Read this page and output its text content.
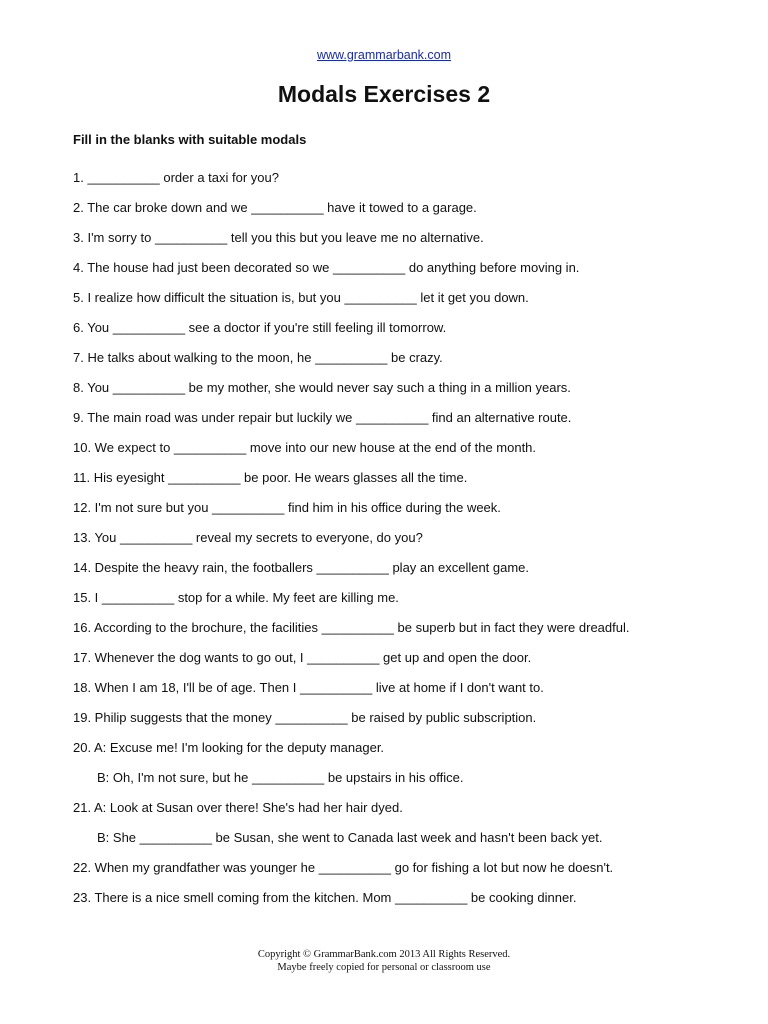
www.grammarbank.com
Modals Exercises 2

Fill in the blanks with suitable modals

1. __________ order a taxi for you?
2. The car broke down and we __________ have it towed to a garage.
3. I'm sorry to __________ tell you this but you leave me no alternative.
4. The house had just been decorated so we __________ do anything before moving in.
5. I realize how difficult the situation is, but you __________ let it get you down.
6. You __________ see a doctor if you're still feeling ill tomorrow.
7. He talks about walking to the moon, he __________ be crazy.
8. You __________ be my mother, she would never say such a thing in a million years.
9. The main road was under repair but luckily we __________ find an alternative route.
10. We expect to __________ move into our new house at the end of the month.
11. His eyesight __________ be poor. He wears glasses all the time.
12. I'm not sure but you __________ find him in his office during the week.
13. You __________ reveal my secrets to everyone, do you?
14. Despite the heavy rain, the footballers __________ play an excellent game.
15. I __________ stop for a while. My feet are killing me.
16. According to the brochure, the facilities __________ be superb but in fact they were dreadful.
17. Whenever the dog wants to go out, I __________ get up and open the door.
18. When I am 18, I'll be of age. Then I __________ live at home if I don't want to.
19. Philip suggests that the money __________ be raised by public subscription.
20. A: Excuse me! I'm looking for the deputy manager.
B: Oh, I'm not sure, but he __________ be upstairs in his office.
21. A: Look at Susan over there! She's had her hair dyed.
B: She __________ be Susan, she went to Canada last week and hasn't been back yet.
22. When my grandfather was younger he __________ go for fishing a lot but now he doesn't.
23. There is a nice smell coming from the kitchen. Mom __________ be cooking dinner.
Copyright © GrammarBank.com 2013 All Rights Reserved.
Maybe freely copied for personal or classroom use
